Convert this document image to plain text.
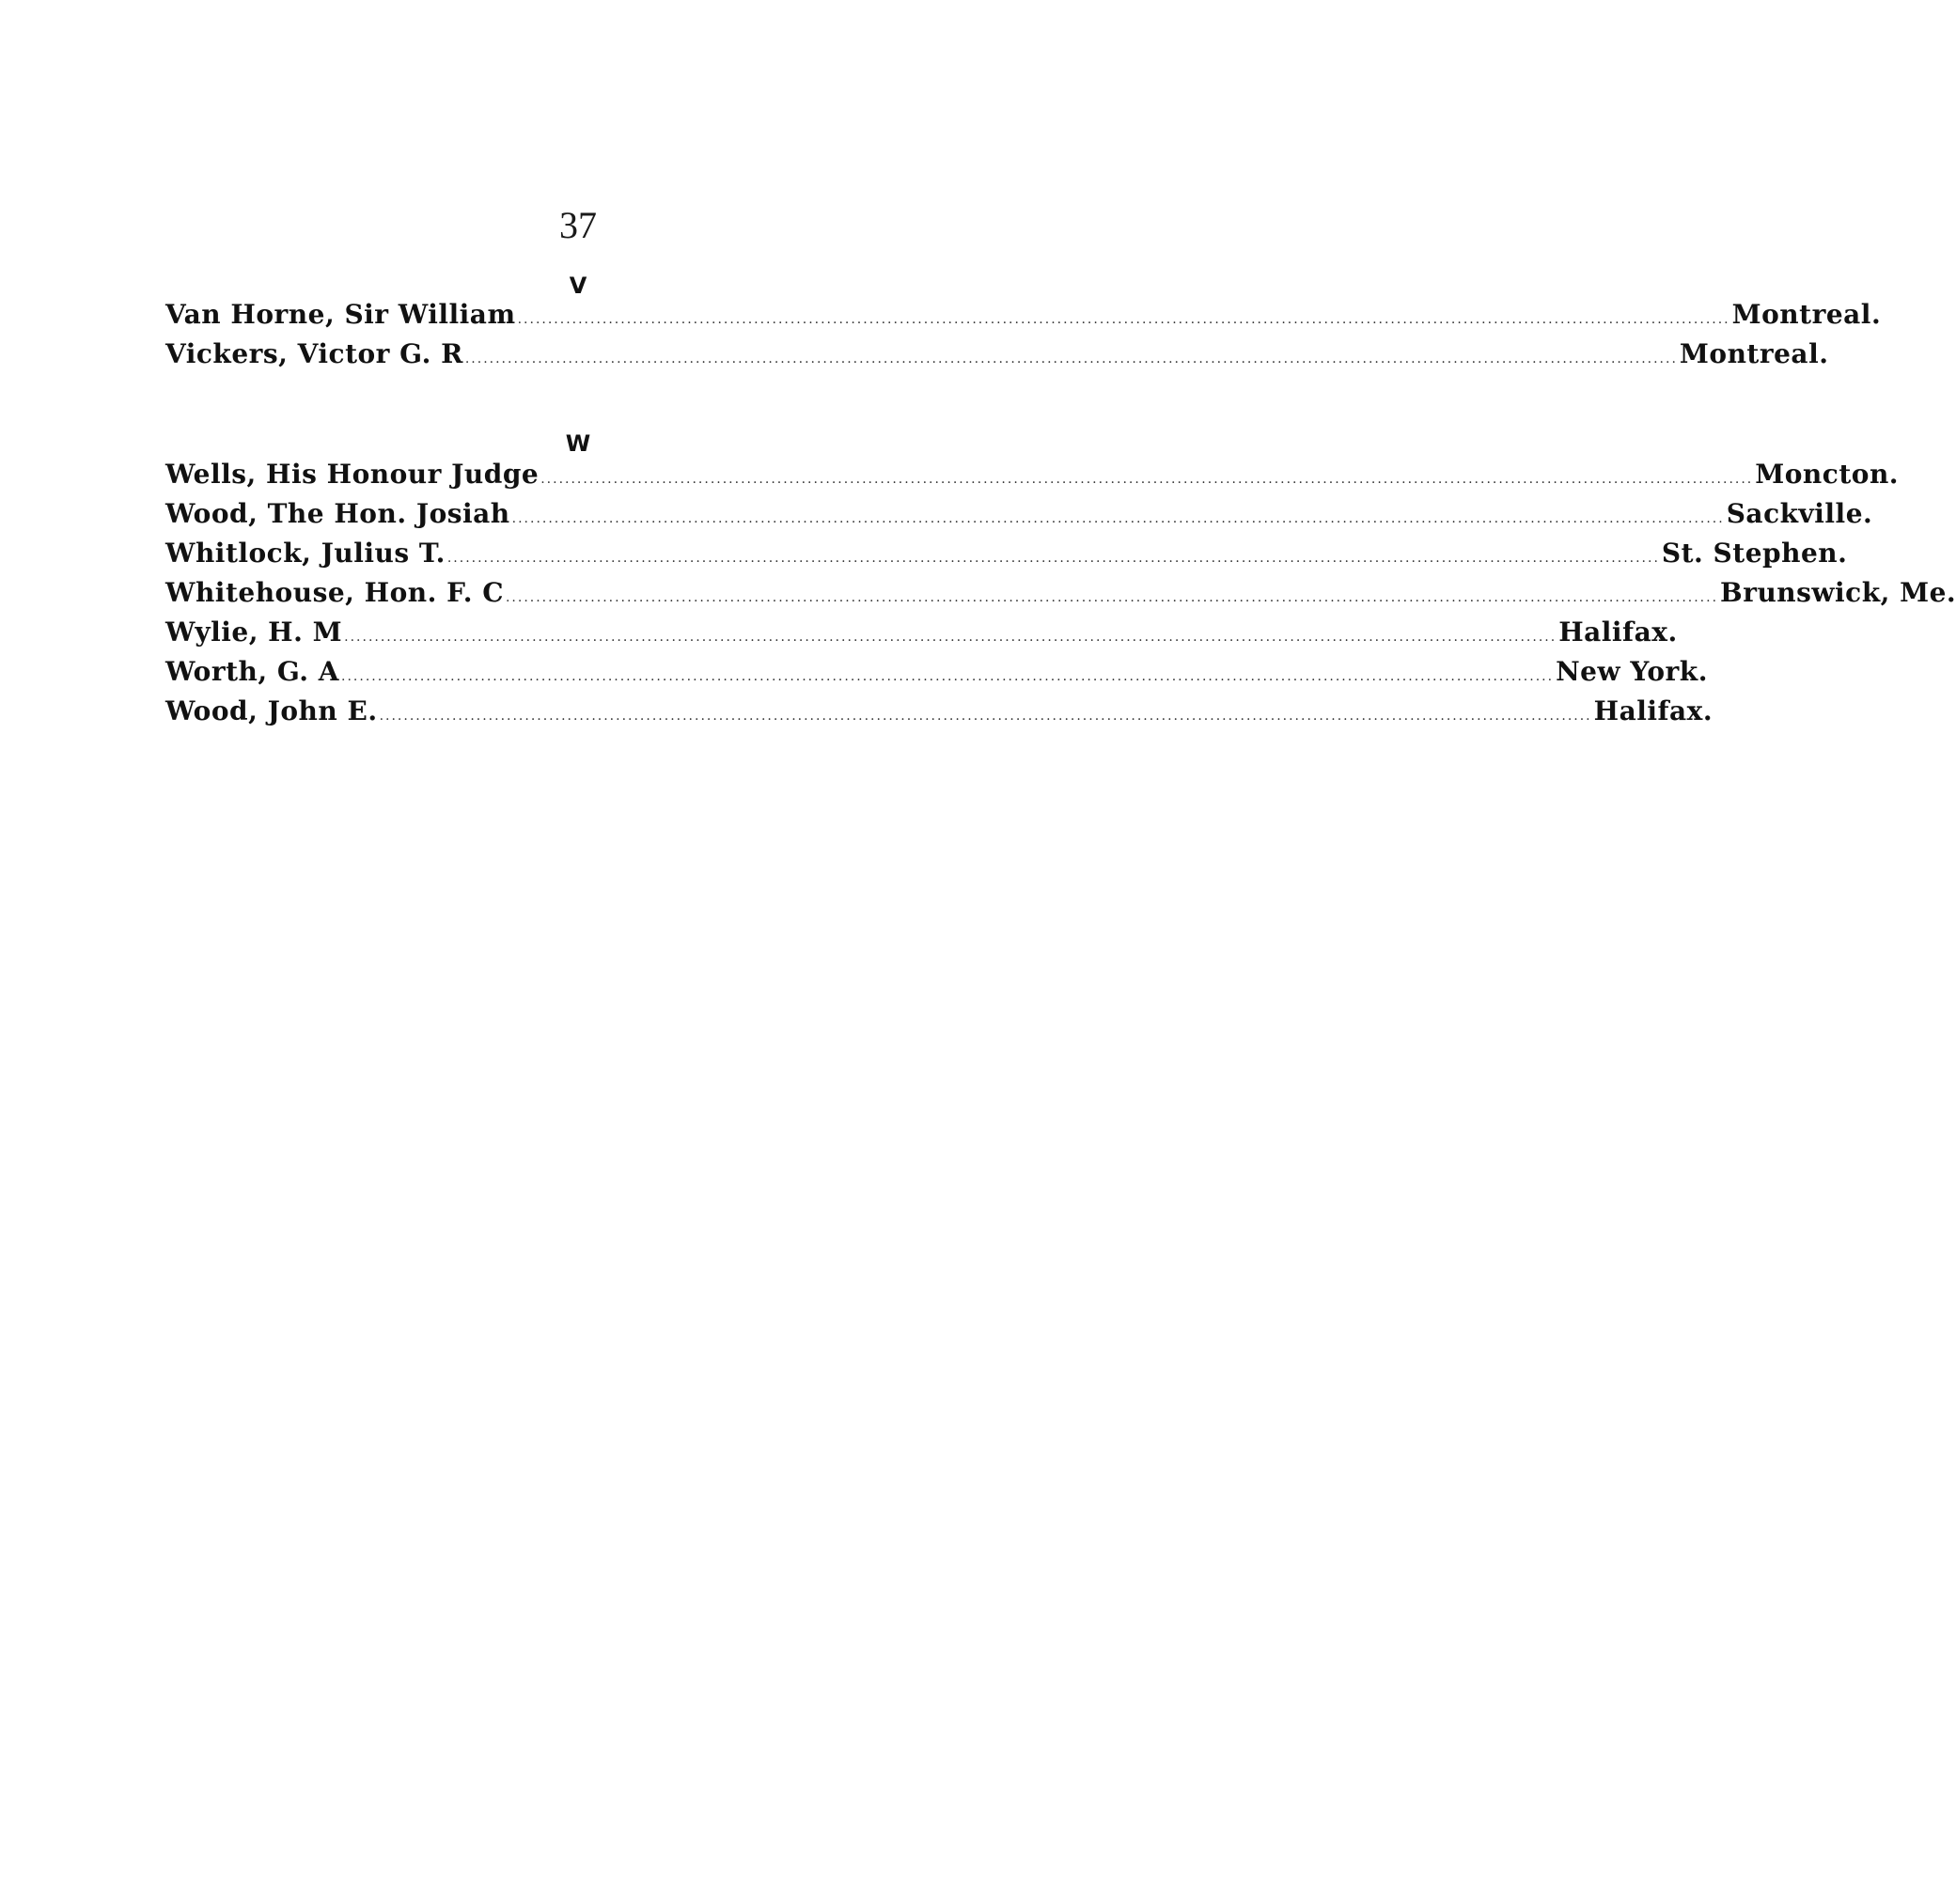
37
V
Van Horne, Sir William ........................................................................................................................................................................................................ Montreal.
Vickers, Victor G. R ........................................................................................................................................................................................................ Montreal.
W
Wells, His Honour Judge ........................................................................................................................................................................................................ Moncton.
Wood, The Hon. Josiah ........................................................................................................................................................................................................ Sackville.
Whitlock, Julius T. ........................................................................................................................................................................................................ St. Stephen.
Whitehouse, Hon. F. C ........................................................................................................................................................................................................ Brunswick, Me.
Wylie, H. M ........................................................................................................................................................................................................ Halifax.
Worth, G. A ........................................................................................................................................................................................................ New York.
Wood, John E. ........................................................................................................................................................................................................ Halifax.
